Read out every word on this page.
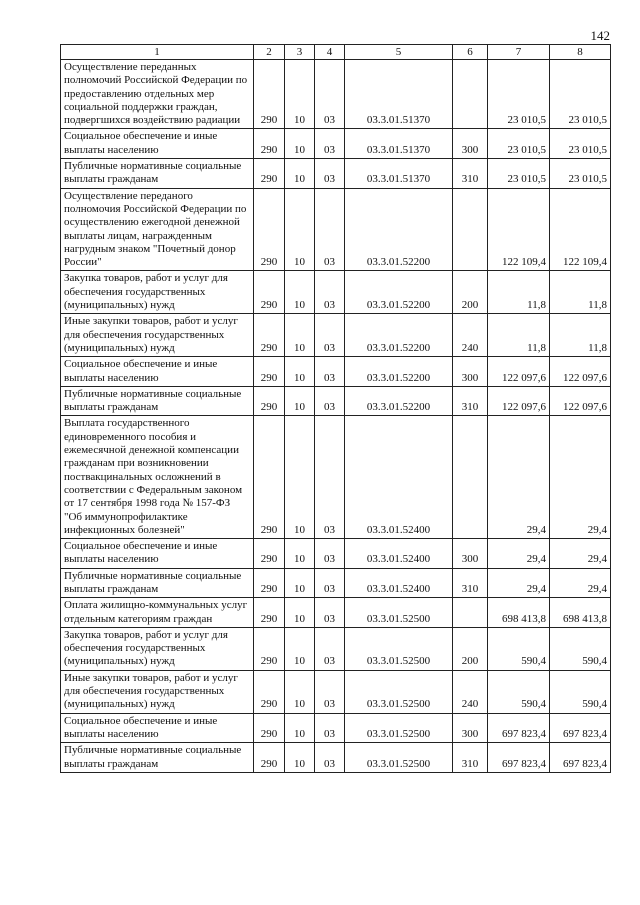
142
1	2	3	4	5	6	7	8
Осуществление переданных полномочий Российской Федерации по предоставлению отдельных мер социальной поддержки граждан, подвергшихся воздействию радиации	290	10	03	03.3.01.51370		23 010,5	23 010,5
Социальное обеспечение и иные выплаты населению	290	10	03	03.3.01.51370	300	23 010,5	23 010,5
Публичные нормативные социальные выплаты гражданам	290	10	03	03.3.01.51370	310	23 010,5	23 010,5
Осуществление переданого полномочия Российской Федерации по осуществлению ежегодной денежной выплаты лицам, награжденным нагрудным знаком "Почетный донор России"	290	10	03	03.3.01.52200		122 109,4	122 109,4
Закупка товаров, работ и услуг для обеспечения государственных (муниципальных) нужд	290	10	03	03.3.01.52200	200	11,8	11,8
Иные закупки товаров, работ и услуг для обеспечения государственных (муниципальных) нужд	290	10	03	03.3.01.52200	240	11,8	11,8
Социальное обеспечение и иные выплаты населению	290	10	03	03.3.01.52200	300	122 097,6	122 097,6
Публичные нормативные социальные выплаты гражданам	290	10	03	03.3.01.52200	310	122 097,6	122 097,6
Выплата государственного единовременного пособия и ежемесячной денежной компенсации гражданам при возникновении поствакцинальных осложнений в соответствии с Федеральным законом от 17 сентября 1998 года № 157-ФЗ "Об иммунопрофилактике инфекционных болезней"	290	10	03	03.3.01.52400		29,4	29,4
Социальное обеспечение и иные выплаты населению	290	10	03	03.3.01.52400	300	29,4	29,4
Публичные нормативные социальные выплаты гражданам	290	10	03	03.3.01.52400	310	29,4	29,4
Оплата жилищно-коммунальных услуг отдельным категориям граждан	290	10	03	03.3.01.52500		698 413,8	698 413,8
Закупка товаров, работ и услуг для обеспечения государственных (муниципальных) нужд	290	10	03	03.3.01.52500	200	590,4	590,4
Иные закупки товаров, работ и услуг для обеспечения государственных (муниципальных) нужд	290	10	03	03.3.01.52500	240	590,4	590,4
Социальное обеспечение и иные выплаты населению	290	10	03	03.3.01.52500	300	697 823,4	697 823,4
Публичные нормативные социальные выплаты гражданам	290	10	03	03.3.01.52500	310	697 823,4	697 823,4
